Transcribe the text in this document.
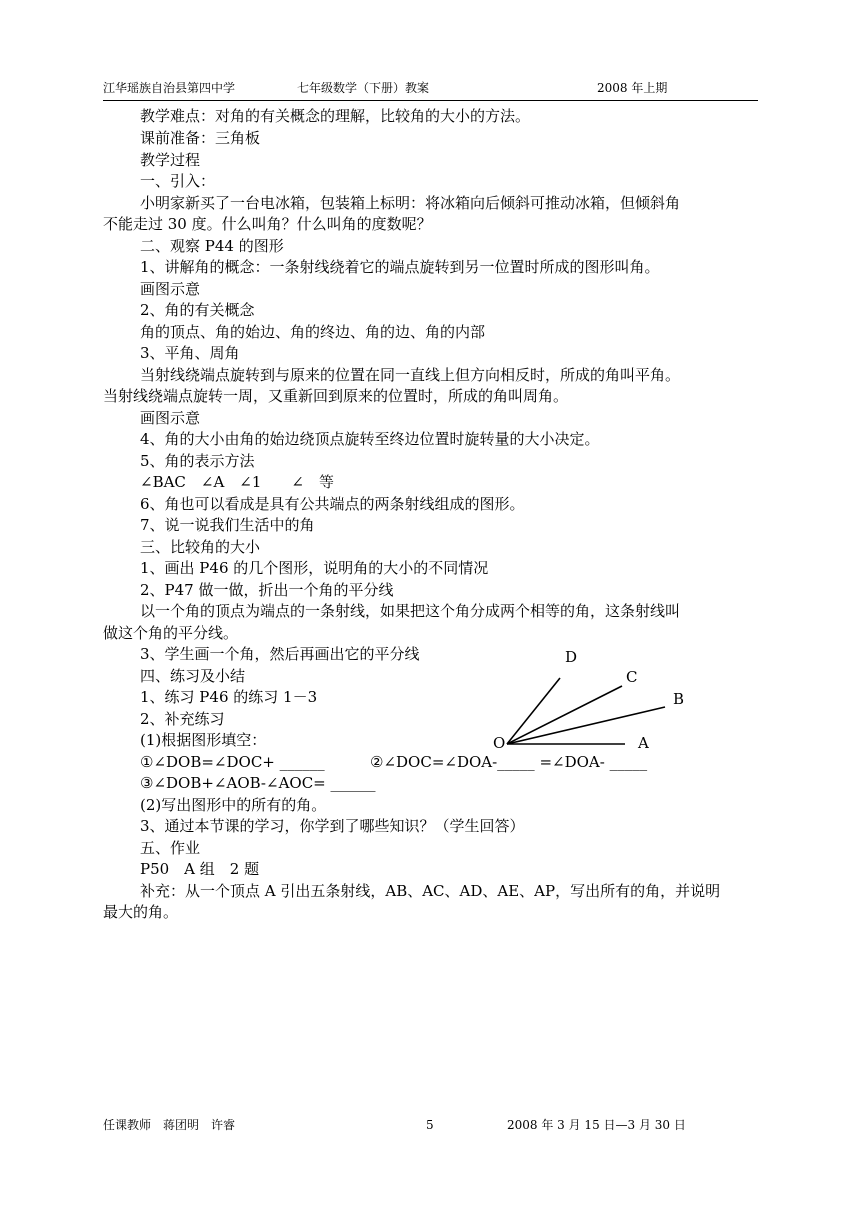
江华瑶族自治县第四中学	七年级数学（下册）教案	2008 年上期
教学难点：对角的有关概念的理解，比较角的大小的方法。
课前准备：三角板
教学过程
一、引入：
小明家新买了一台电冰箱，包装箱上标明：将冰箱向后倾斜可推动冰箱，但倾斜角
不能走过 30 度。什么叫角？什么叫角的度数呢？
二、观察 P44 的图形
1、讲解角的概念：一条射线绕着它的端点旋转到另一位置时所成的图形叫角。
画图示意
2、角的有关概念
角的顶点、角的始边、角的终边、角的边、角的内部
3、平角、周角
当射线绕端点旋转到与原来的位置在同一直线上但方向相反时，所成的角叫平角。
当射线绕端点旋转一周，又重新回到原来的位置时，所成的角叫周角。
画图示意
4、角的大小由角的始边绕顶点旋转至终边位置时旋转量的大小决定。
5、角的表示方法
∠BAC　∠A　∠1　　∠　等
6、角也可以看成是具有公共端点的两条射线组成的图形。
7、说一说我们生活中的角
三、比较角的大小
1、画出 P46 的几个图形，说明角的大小的不同情况
2、P47 做一做，折出一个角的平分线
以一个角的顶点为端点的一条射线，如果把这个角分成两个相等的角，这条射线叫
做这个角的平分线。
3、学生画一个角，然后再画出它的平分线
四、练习及小结
1、练习 P46 的练习 1－3
2、补充练习
(1)根据图形填空：
①∠DOB=∠DOC+ ______	②∠DOC=∠DOA-_____ =∠DOA- _____
③∠DOB+∠AOB-∠AOC= ______
(2)写出图形中的所有的角。
3、通过本节课的学习，你学到了哪些知识？（学生回答）
五、作业
P50　A 组　2 题
补充：从一个顶点 A 引出五条射线，AB、AC、AD、AE、AP，写出所有的角，并说明
最大的角。
D
C
B
O	A
任课教师　蒋团明　许睿	5	2008 年 3 月 15 日—3 月 30 日
